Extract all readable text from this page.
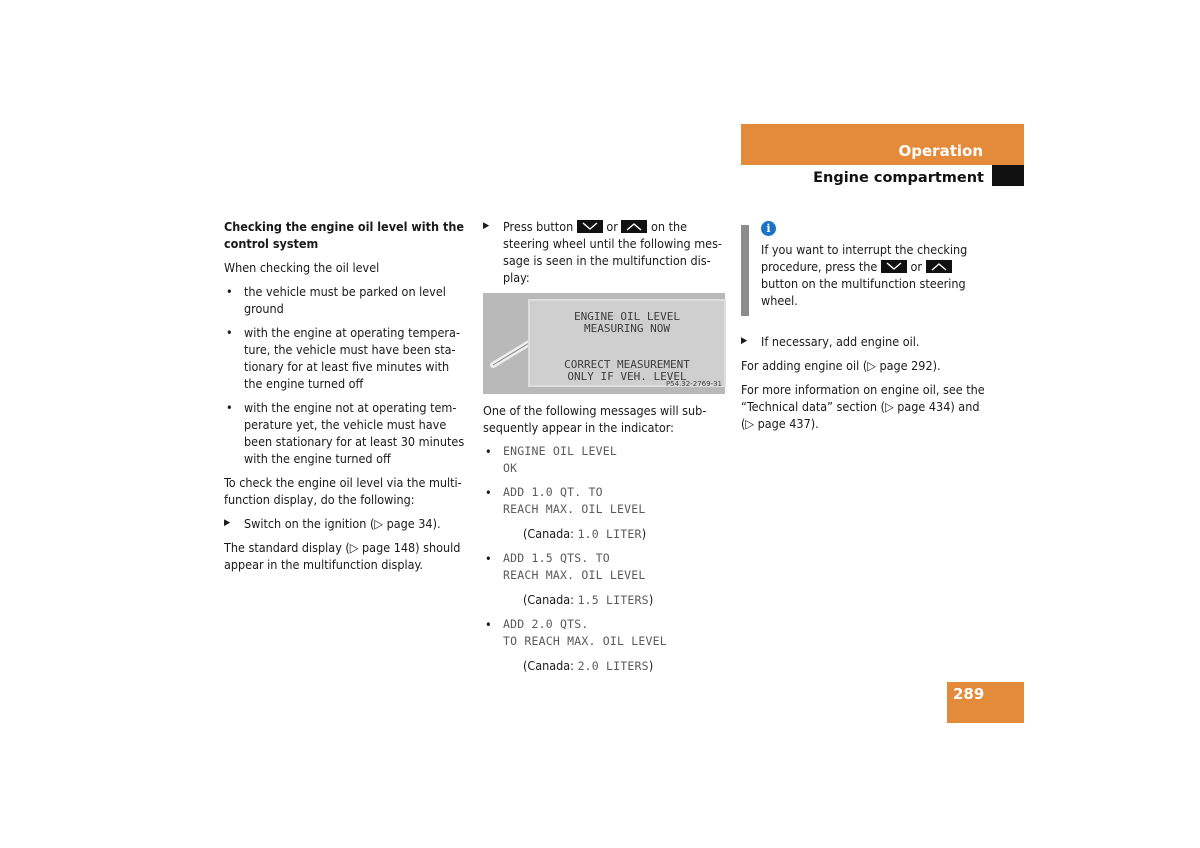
Operation
Engine compartment

Checking the engine oil level with the control system

When checking the oil level

• the vehicle must be parked on level ground
• with the engine at operating tempera-ture, the vehicle must have been sta-tionary for at least five minutes with the engine turned off
• with the engine not at operating tem-perature yet, the vehicle must have been stationary for at least 30 minutes with the engine turned off

To check the engine oil level via the multi-function display, do the following:

▶ Switch on the ignition (▷ page 34).

The standard display (▷ page 148) should appear in the multifunction display.

▶ Press button	or	on the steering wheel until the following mes-sage is seen in the multifunction dis-play:
ENGINE OIL LEVEL
MEASURING NOW
CORRECT MEASUREMENT
ONLY IF VEH. LEVEL
P54.32-2769-31

One of the following messages will sub-sequently appear in the indicator:

• ENGINE OIL LEVEL
OK
• ADD 1.0 QT. TO
REACH MAX. OIL LEVEL
(Canada: 1.0 LITER)
• ADD 1.5 QTS. TO
REACH MAX. OIL LEVEL
(Canada: 1.5 LITERS)
• ADD 2.0 QTS.
TO REACH MAX. OIL LEVEL
(Canada: 2.0 LITERS)
i
If you want to interrupt the checking procedure, press the	or
button on the multifunction steering wheel.
▶ If necessary, add engine oil.

For adding engine oil (▷ page 292).

For more information on engine oil, see the “Technical data” section (▷ page 434) and (▷ page 437).

289
